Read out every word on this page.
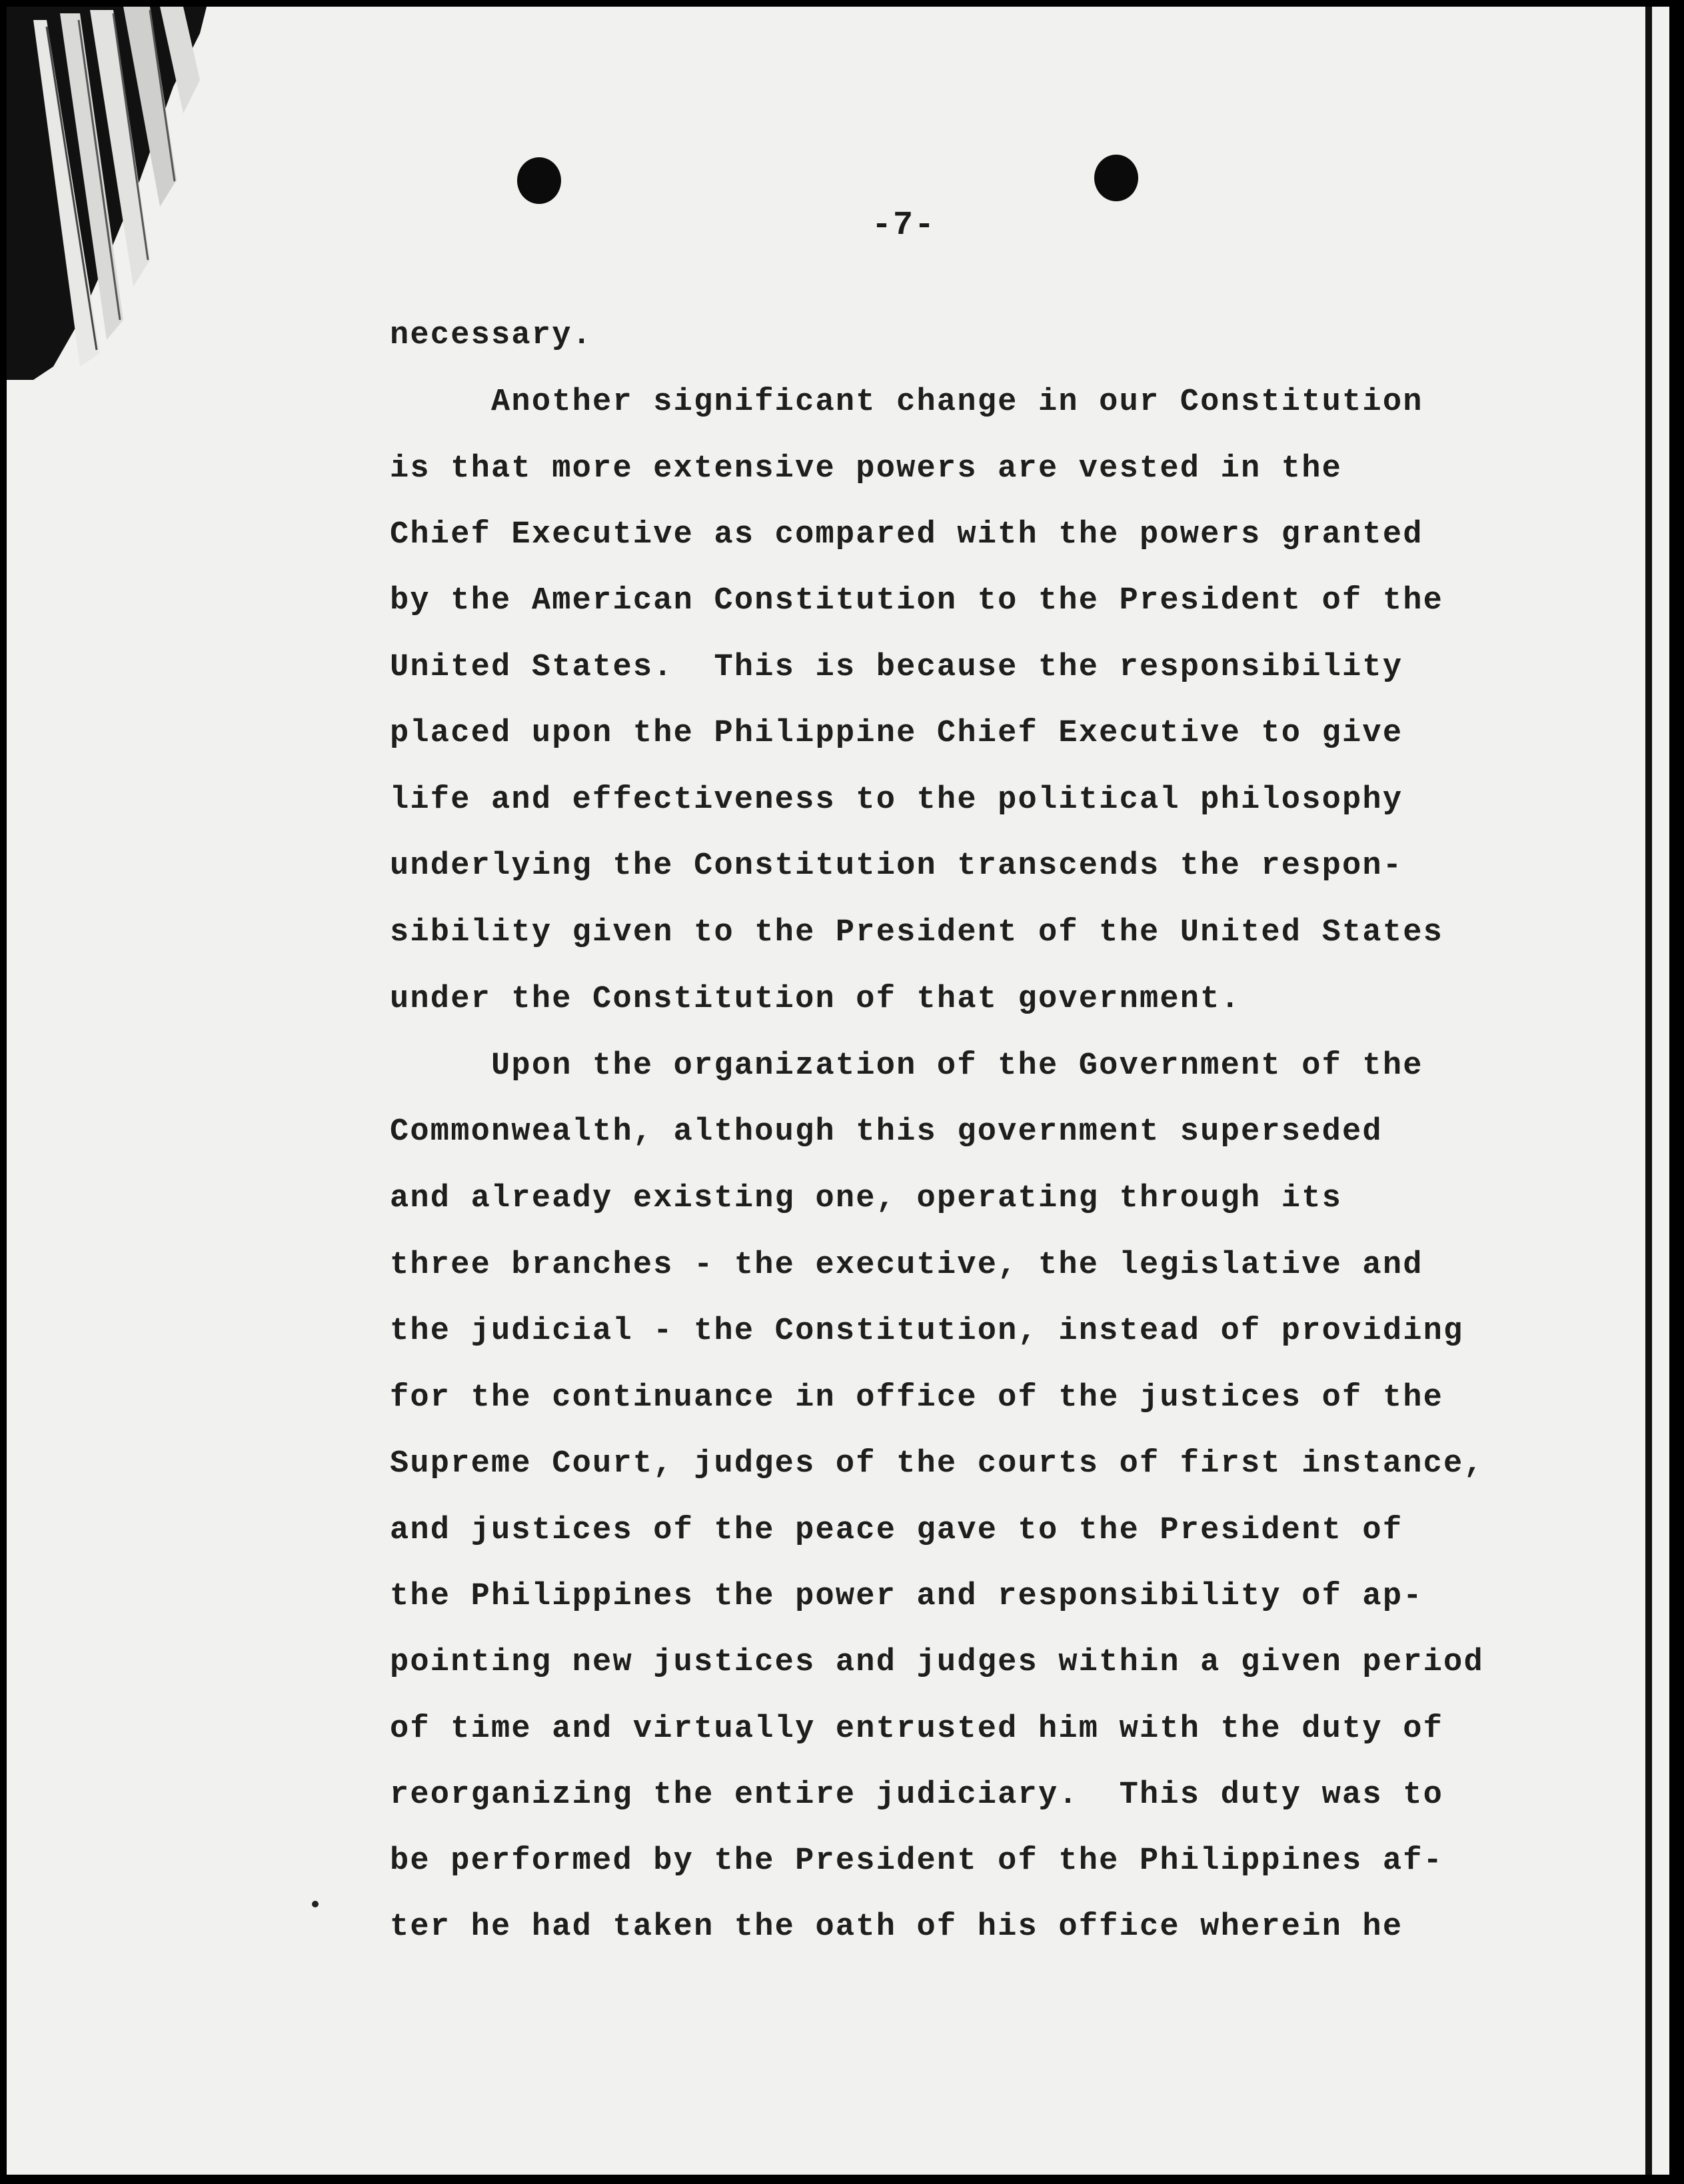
-7-
necessary.
Another significant change in our Constitution
is that more extensive powers are vested in the
Chief Executive as compared with the powers granted
by the American Constitution to the President of the
United States.  This is because the responsibility
placed upon the Philippine Chief Executive to give
life and effectiveness to the political philosophy
underlying the Constitution transcends the respon-
sibility given to the President of the United States
under the Constitution of that government.
Upon the organization of the Government of the
Commonwealth, although this government superseded
and already existing one, operating through its
three branches - the executive, the legislative and
the judicial - the Constitution, instead of providing
for the continuance in office of the justices of the
Supreme Court, judges of the courts of first instance,
and justices of the peace gave to the President of
the Philippines the power and responsibility of ap-
pointing new justices and judges within a given period
of time and virtually entrusted him with the duty of
reorganizing the entire judiciary.  This duty was to
be performed by the President of the Philippines af-
ter he had taken the oath of his office wherein he
